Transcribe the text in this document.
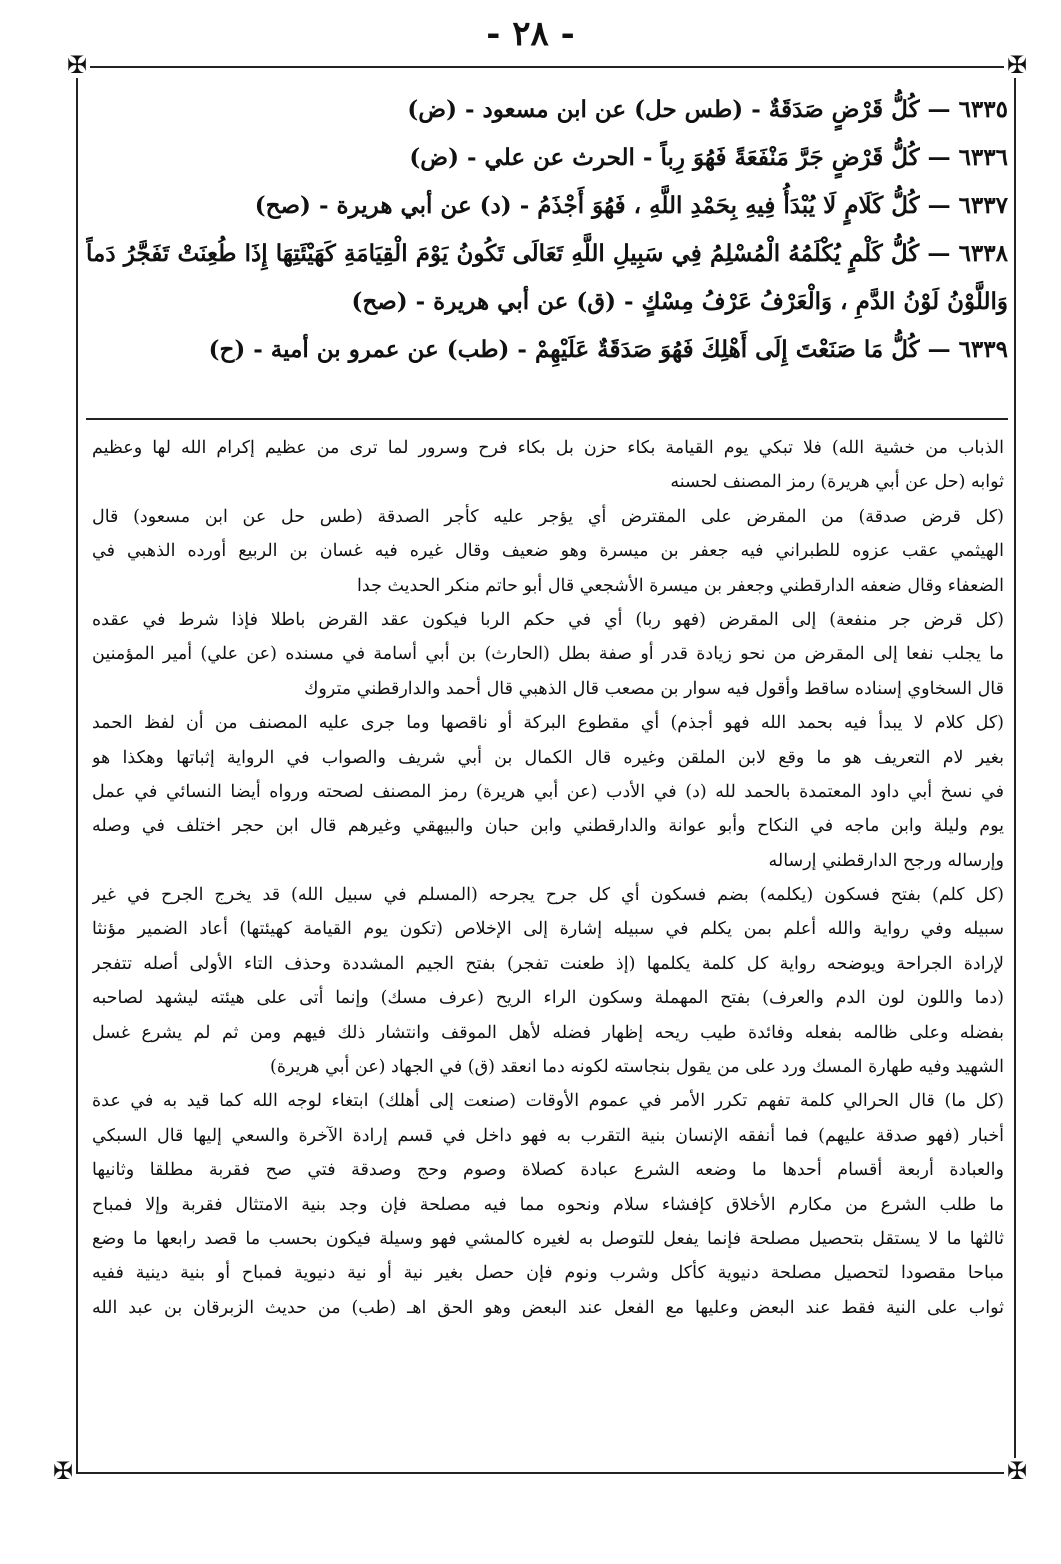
- ٢٨ -
✠	✠
✠	✠
٦٣٣٥ — كُلُّ قَرْضٍ صَدَقَةٌ - (طس حل) عن ابن مسعود - (ض)
٦٣٣٦ — كُلُّ قَرْضٍ جَرَّ مَنْفَعَةً فَهُوَ رِباً - الحرث عن علي - (ض)
٦٣٣٧ — كُلُّ كَلَامٍ لَا يُبْدَأُ فِيهِ بِحَمْدِ اللَّهِ ، فَهُوَ أَجْذَمُ - (د) عن أبي هريرة - (صح)
٦٣٣٨ — كُلُّ كَلْمٍ يُكْلَمُهُ الْمُسْلِمُ فِي سَبِيلِ اللَّهِ تَعَالَى تَكُونُ يَوْمَ الْقِيَامَةِ كَهَيْئَتِهَا إِذَا طُعِنَتْ تَفَجَّرُ دَماً
وَاللَّوْنُ لَوْنُ الدَّمِ ، وَالْعَرْفُ عَرْفُ مِسْكٍ - (ق) عن أبي هريرة - (صح)
٦٣٣٩ — كُلُّ مَا صَنَعْتَ إِلَى أَهْلِكَ فَهُوَ صَدَقَةٌ عَلَيْهِمْ - (طب) عن عمرو بن أمية - (ح)
الذباب من خشية الله) فلا تبكي يوم القيامة بكاء حزن بل بكاء فرح وسرور لما ترى من عظيم إكرام الله لها وعظيم
ثوابه (حل عن أبي هريرة) رمز المصنف لحسنه
(كل قرض صدقة) من المقرض على المقترض أي يؤجر عليه كأجر الصدقة (طس حل عن ابن مسعود) قال
الهيثمي عقب عزوه للطبراني فيه جعفر بن ميسرة وهو ضعيف وقال غيره فيه غسان بن الربيع أورده الذهبي في
الضعفاء وقال ضعفه الدارقطني وجعفر بن ميسرة الأشجعي قال أبو حاتم منكر الحديث جدا
(كل قرض جر منفعة) إلى المقرض (فهو ربا) أي في حكم الربا فيكون عقد القرض باطلا فإذا شرط في عقده
ما يجلب نفعا إلى المقرض من نحو زيادة قدر أو صفة بطل (الحارث) بن أبي أسامة في مسنده (عن علي) أمير المؤمنين
قال السخاوي إسناده ساقط وأقول فيه سوار بن مصعب قال الذهبي قال أحمد والدارقطني متروك
(كل كلام لا يبدأ فيه بحمد الله فهو أجذم) أي مقطوع البركة أو ناقصها وما جرى عليه المصنف من أن لفظ الحمد
بغير لام التعريف هو ما وقع لابن الملقن وغيره قال الكمال بن أبي شريف والصواب في الرواية إثباتها وهكذا هو
في نسخ أبي داود المعتمدة بالحمد لله (د) في الأدب (عن أبي هريرة) رمز المصنف لصحته ورواه أيضا النسائي في عمل
يوم وليلة وابن ماجه في النكاح وأبو عوانة والدارقطني وابن حبان والبيهقي وغيرهم قال ابن حجر اختلف في وصله
وإرساله ورجح الدارقطني إرساله
(كل كلم) بفتح فسكون (يكلمه) بضم فسكون أي كل جرح يجرحه (المسلم في سبيل الله) قد يخرج الجرح في غير
سبيله وفي رواية والله أعلم بمن يكلم في سبيله إشارة إلى الإخلاص (تكون يوم القيامة كهيئتها) أعاد الضمير مؤنثا
لإرادة الجراحة ويوضحه رواية كل كلمة يكلمها (إذ طعنت تفجر) بفتح الجيم المشددة وحذف التاء الأولى أصله تتفجر
(دما واللون لون الدم والعرف) بفتح المهملة وسكون الراء الريح (عرف مسك) وإنما أتى على هيئته ليشهد لصاحبه
بفضله وعلى ظالمه بفعله وفائدة طيب ريحه إظهار فضله لأهل الموقف وانتشار ذلك فيهم ومن ثم لم يشرع غسل
الشهيد وفيه طهارة المسك ورد على من يقول بنجاسته لكونه دما انعقد (ق) في الجهاد (عن أبي هريرة)
(كل ما) قال الحرالي كلمة تفهم تكرر الأمر في عموم الأوقات (صنعت إلى أهلك) ابتغاء لوجه الله كما قيد به في عدة
أخبار (فهو صدقة عليهم) فما أنفقه الإنسان بنية التقرب به فهو داخل في قسم إرادة الآخرة والسعي إليها قال السبكي
والعبادة أربعة أقسام أحدها ما وضعه الشرع عبادة كصلاة وصوم وحج وصدقة فتي صح فقربة مطلقا وثانيها
ما طلب الشرع من مكارم الأخلاق كإفشاء سلام ونحوه مما فيه مصلحة فإن وجد بنية الامتثال فقربة وإلا فمباح
ثالثها ما لا يستقل بتحصيل مصلحة فإنما يفعل للتوصل به لغيره كالمشي فهو وسيلة فيكون بحسب ما قصد رابعها ما وضع
مباحا مقصودا لتحصيل مصلحة دنيوية كأكل وشرب ونوم فإن حصل بغير نية أو نية دنيوية فمباح أو بنية دينية ففيه
ثواب على النية فقط عند البعض وعليها مع الفعل عند البعض وهو الحق اهـ (طب) من حديث الزبرقان بن عبد الله
